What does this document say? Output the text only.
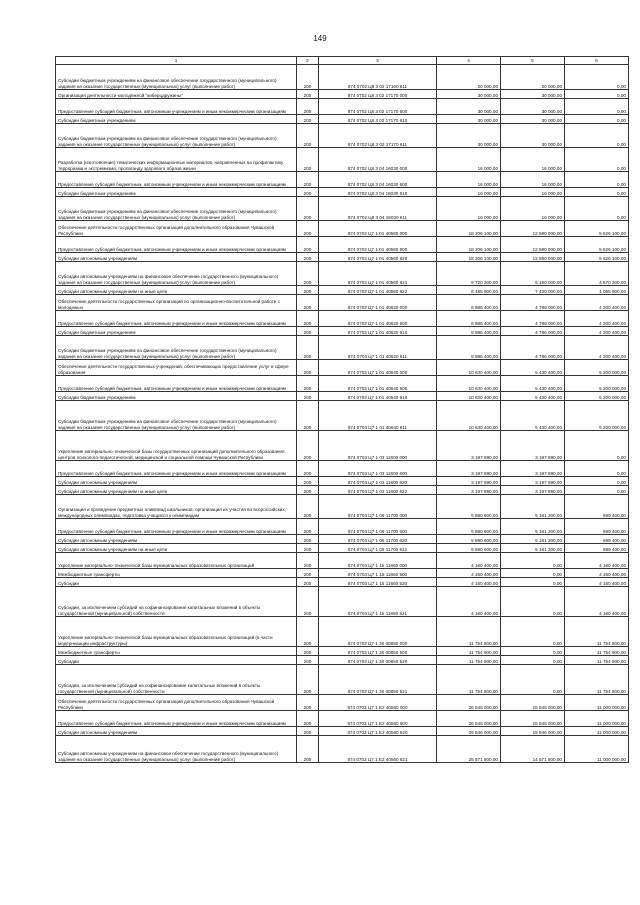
149
1	2	3	4	5	6
Субсидии бюджетным учреждениям на финансовое обеспечение государственного (муниципального) задания на оказание государственных (муниципальных) услуг (выполнение работ)	200	874 0702 Ц8 3 02 17160 611	20 000,00	20 000,00	0,00
Организация деятельности молодежной "киберцдружины"	200	874 0702 Ц8 3 02 17170 000	30 000,00	30 000,00	0,00
Предоставление субсидий бюджетным, автономным учреждениям и иным некоммерческим организациям	200	874 0702 Ц8 3 02 17170 600	30 000,00	30 000,00	0,00
Субсидии бюджетным учреждениям	200	874 0702 Ц8 3 02 17170 610	30 000,00	30 000,00	0,00
Субсидии бюджетным учреждениям на финансовое обеспечение государственного (муниципального) задания на оказание государственных (муниципальных) услуг (выполнение работ)	200	874 0702 Ц8 3 02 17170 611	30 000,00	30 000,00	0,00
Разработка (изготовление) тематических информационных материалов, направленных на профилактику терроризма и экстремизма, пропаганду здорового образа жизни	200	874 0702 Ц8 3 04 16030 000	16 000,00	16 000,00	0,00
Предоставление субсидий бюджетным, автономным учреждениям и иным некоммерческим организациям	200	874 0702 Ц8 3 04 16030 600	16 000,00	16 000,00	0,00
Субсидии бюджетным учреждениям	200	874 0702 Ц8 3 04 16030 610	16 000,00	16 000,00	0,00
Субсидии бюджетным учреждениям на финансовое обеспечение государственного (муниципального) задания на оказание государственных (муниципальных) услуг (выполнение работ)	200	874 0702 Ц8 3 04 16030 611	16 000,00	16 000,00	0,00
Обеспечение деятельности государственных организаций дополнительного образования Чувашской Республики	200	874 0703 Ц7 1 01 40560 000	18 206 100,00	12 580 000,00	5 626 100,00
Предоставление субсидий бюджетным, автономным учреждениям и иным некоммерческим организациям	200	874 0703 Ц7 1 01 40560 600	18 206 100,00	12 580 000,00	5 626 100,00
Субсидии автономным учреждениям	200	874 0703 Ц7 1 01 40560 620	18 206 100,00	12 580 000,00	5 626 100,00
Субсидии автономным учреждениям на финансовое обеспечение государственного (муниципального) задания на оказание государственных (муниципальных) услуг (выполнение работ)	200	874 0703 Ц7 1 01 40560 621	9 720 200,00	5 150 000,00	4 570 200,00
Субсидии автономным учреждениям на иные цели	200	874 0703 Ц7 1 01 40560 622	8 485 900,00	7 430 000,00	1 055 900,00
Обеспечение деятельности государственных организаций по организационно-воспитательной работе с молодежью	200	874 0703 Ц7 1 01 40620 000	8 986 400,00	4 786 000,00	4 200 400,00
Предоставление субсидий бюджетным, автономным учреждениям и иным некоммерческим организациям	200	874 0703 Ц7 1 01 40620 600	8 986 400,00	4 786 000,00	4 200 400,00
Субсидии бюджетным учреждениям	200	874 0703 Ц7 1 01 40620 610	8 986 400,00	4 786 000,00	4 200 400,00
Субсидии бюджетным учреждениям на финансовое обеспечение государственного (муниципального) задания на оказание государственных (муниципальных) услуг (выполнение работ)	200	874 0703 Ц7 1 01 40620 611	8 986 400,00	4 786 000,00	4 200 400,00
Обеспечение деятельности государственных учреждений, обеспечивающих предоставление услуг в сфере образования	200	874 0703 Ц7 1 01 40640 000	10 630 400,00	5 430 400,00	5 200 000,00
Предоставление субсидий бюджетным, автономным учреждениям и иным некоммерческим организациям	200	874 0703 Ц7 1 01 40640 600	10 630 400,00	5 430 400,00	5 200 000,00
Субсидии бюджетным учреждениям	200	874 0703 Ц7 1 01 40640 610	10 630 400,00	5 430 400,00	5 200 000,00
Субсидии бюджетным учреждениям на финансовое обеспечение государственного (муниципального) задания на оказание государственных (муниципальных) услуг (выполнение работ)	200	874 0703 Ц7 1 01 40640 611	10 630 400,00	5 430 400,00	5 200 000,00
Укрепление материально-технической базы государственных организаций дополнительного образования, центров психолого-педагогической, медицинской и социальной помощи Чувашской Республики	200	874 0703 Ц7 1 03 11600 000	3 197 690,00	3 197 690,00	0,00
Предоставление субсидий бюджетным, автономным учреждениям и иным некоммерческим организациям	200	874 0703 Ц7 1 03 11600 600	3 197 690,00	3 197 690,00	0,00
Субсидии автономным учреждениям	200	874 0703 Ц7 1 03 11600 620	3 197 690,00	3 197 690,00	0,00
Субсидии автономным учреждениям на иные цели	200	874 0703 Ц7 1 03 11600 622	3 197 690,00	3 197 690,00	0,00
Организация и проведение предметных олимпиад школьников, организация их участия во всероссийских, международных олимпиадах, подготовка учащихся к олимпиадам	200	874 0703 Ц7 1 06 11700 000	5 880 600,00	5 181 200,00	699 400,00
Предоставление субсидий бюджетным, автономным учреждениям и иным некоммерческим организациям	200	874 0703 Ц7 1 06 11700 600	5 880 600,00	5 181 200,00	699 400,00
Субсидии автономным учреждениям	200	874 0703 Ц7 1 06 11700 620	5 880 600,00	5 181 200,00	699 400,00
Субсидии автономным учреждениям на иные цели	200	874 0703 Ц7 1 06 11700 622	5 880 600,00	5 181 200,00	699 400,00
Укрепление материально-технической базы муниципальных образовательных организаций	200	874 0703 Ц7 1 15 11660 000	4 160 400,00	0,00	4 160 400,00
Межбюджетные трансферты	200	874 0703 Ц7 1 15 11660 500	4 160 400,00	0,00	4 160 400,00
Субсидии	200	874 0703 Ц7 1 15 11660 520	4 160 400,00	0,00	4 160 400,00
Субсидии, за исключением субсидий на софинансирование капитальных вложений в объекты государственной (муниципальной) собственности	200	874 0703 Ц7 1 15 11660 521	4 160 400,00	0,00	4 160 400,00
Укрепление материально-технической базы муниципальных образовательных организаций (в части модернизации инфраструктуры)	200	874 0703 Ц7 1 30 00850 000	11 754 600,00	0,00	11 754 600,00
Межбюджетные трансферты	200	874 0703 Ц7 1 30 00850 500	11 754 600,00	0,00	11 754 600,00
Субсидии	200	874 0703 Ц7 1 30 00850 520	11 754 600,00	0,00	11 754 600,00
Субсидии, за исключением субсидий на софинансирование капитальных вложений в объекты государственной (муниципальной) собственности	200	874 0703 Ц7 1 30 00850 521	11 754 600,00	0,00	11 754 600,00
Обеспечение деятельности государственных организаций дополнительного образования Чувашской Республики	200	874 0703 Ц7 1 Е2 40560 000	26 846 000,00	15 846 000,00	11 000 000,00
Предоставление субсидий бюджетным, автономным учреждениям и иным некоммерческим организациям	200	874 0703 Ц7 1 Е2 40560 600	26 846 000,00	15 846 000,00	11 000 000,00
Субсидии автономным учреждениям	200	874 0703 Ц7 1 Е2 40560 620	26 846 000,00	15 846 000,00	11 000 000,00
Субсидии автономным учреждениям на финансовое обеспечение государственного (муниципального) задания на оказание государственных (муниципальных) услуг (выполнение работ)	200	874 0703 Ц7 1 Е2 40560 621	25 571 800,00	14 571 800,00	11 000 000,00
